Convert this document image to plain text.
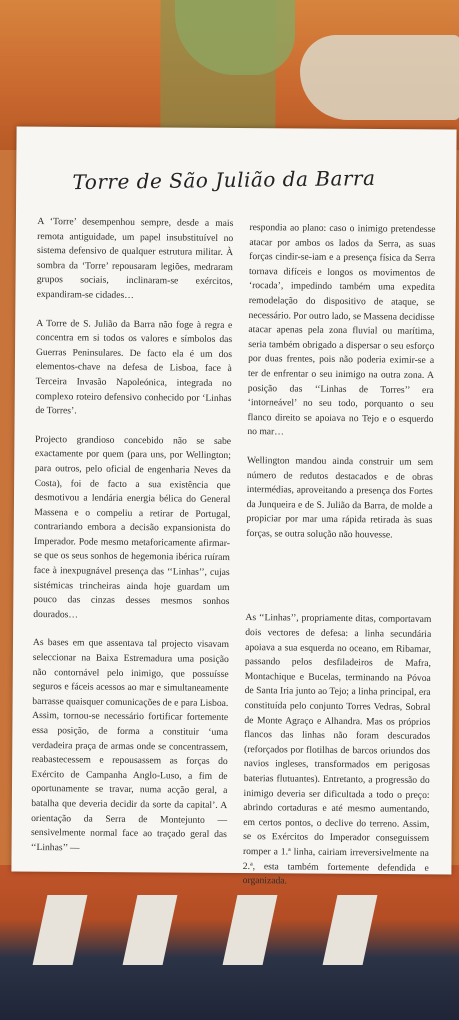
Torre de São Julião da Barra

A ‘Torre’ desempenhou sempre, desde a mais remota antiguidade, um papel insubstituível no sistema defensivo de qualquer estrutura militar. À sombra da ‘Torre’ repousaram legiões, medraram grupos sociais, inclinaram-se exércitos, expandiram-se cidades…

A Torre de S. Julião da Barra não foge à regra e concentra em si todos os valores e símbolos das Guerras Peninsulares. De facto ela é um dos elementos-chave na defesa de Lisboa, face à Terceira Invasão Napoleónica, integrada no complexo roteiro defensivo conhecido por ‘Linhas de Torres’.

Projecto grandioso concebido não se sabe exactamente por quem (para uns, por Wellington; para outros, pelo oficial de engenharia Neves da Costa), foi de facto a sua existência que desmotivou a lendária energia bélica do General Massena e o compeliu a retirar de Portugal, contrariando embora a decisão expansionista do Imperador. Pode mesmo metaforicamente afirmar-se que os seus sonhos de hegemonia ibérica ruíram face à inexpugnável presença das ‘‘Linhas’’, cujas sistémicas trincheiras ainda hoje guardam um pouco das cinzas desses mesmos sonhos dourados…

As bases em que assentava tal projecto visavam seleccionar na Baixa Estremadura uma posição não contornável pelo inimigo, que possuísse seguros e fáceis acessos ao mar e simultaneamente barrasse quaisquer comunicações de e para Lisboa. Assim, tornou-se necessário fortificar fortemente essa posição, de forma a constituir ‘uma verdadeira praça de armas onde se concentrassem, reabastecessem e repousassem as forças do Exército de Campanha Anglo-Luso, a fim de oportunamente se travar, numa acção geral, a batalha que deveria decidir da sorte da capital’. A orientação da Serra de Montejunto — sensivelmente normal face ao traçado geral das ‘‘Linhas’’ —

respondia ao plano: caso o inimigo pretendesse atacar por ambos os lados da Serra, as suas forças cindir-se-iam e a presença física da Serra tornava difíceis e longos os movimentos de ‘rocada’, impedindo também uma expedita remodelação do dispositivo de ataque, se necessário. Por outro lado, se Massena decidisse atacar apenas pela zona fluvial ou marítima, seria também obrigado a dispersar o seu esforço por duas frentes, pois não poderia eximir-se a ter de enfrentar o seu inimigo na outra zona. A posição das ‘‘Linhas de Torres’’ era ‘intorneável’ no seu todo, porquanto o seu flanco direito se apoiava no Tejo e o esquerdo no mar…

Wellington mandou ainda construir um sem número de redutos destacados e de obras intermédias, aproveitando a presença dos Fortes da Junqueira e de S. Julião da Barra, de molde a propiciar por mar uma rápida retirada às suas forças, se outra solução não houvesse.

As ‘‘Linhas’’, propriamente ditas, comportavam dois vectores de defesa: a linha secundária apoiava a sua esquerda no oceano, em Ribamar, passando pelos desfiladeiros de Mafra, Montachique e Bucelas, terminando na Póvoa de Santa Iria junto ao Tejo; a linha principal, era constituída pelo conjunto Torres Vedras, Sobral de Monte Agraço e Alhandra. Mas os próprios flancos das linhas não foram descurados (reforçados por flotilhas de barcos oriundos dos navios ingleses, transformados em perigosas baterias flutuantes). Entretanto, a progressão do inimigo deveria ser dificultada a todo o preço: abrindo cortaduras e até mesmo aumentando, em certos pontos, o declive do terreno. Assim, se os Exércitos do Imperador conseguissem romper a 1.ª linha, cairiam irreversivelmente na 2.ª, esta também fortemente defendida e organizada.
